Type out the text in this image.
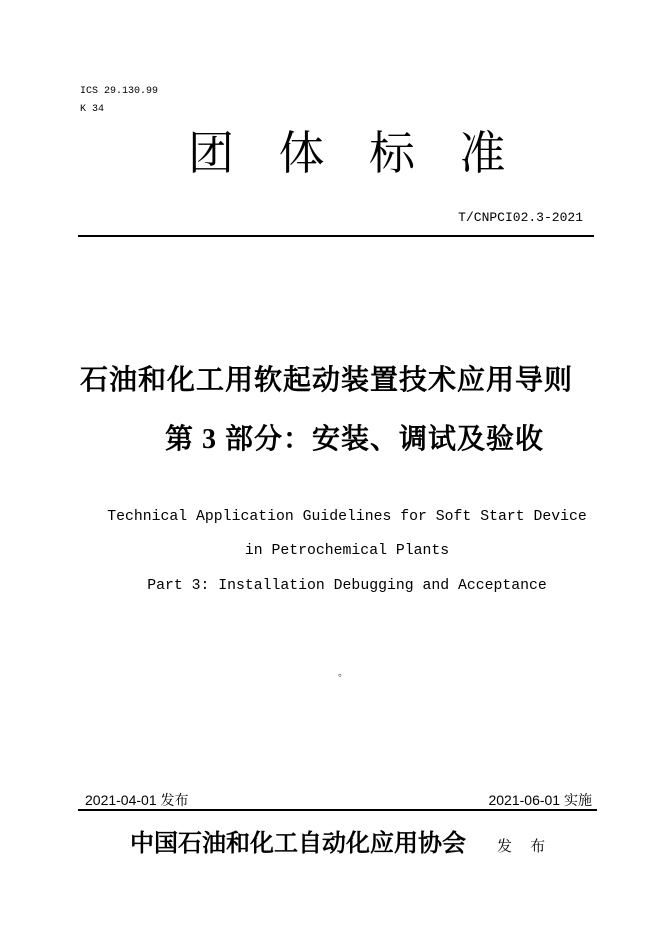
ICS 29.130.99
K 34
团 体 标 准
T/CNPCI02.3-2021
石油和化工用软起动装置技术应用导则
第 3 部分：安装、调试及验收
Technical Application Guidelines for Soft Start Device
in Petrochemical Plants
Part 3: Installation Debugging and Acceptance
。
2021-04-01 发布	2021-06-01 实施
中国石油和化工自动化应用协会 发 布
